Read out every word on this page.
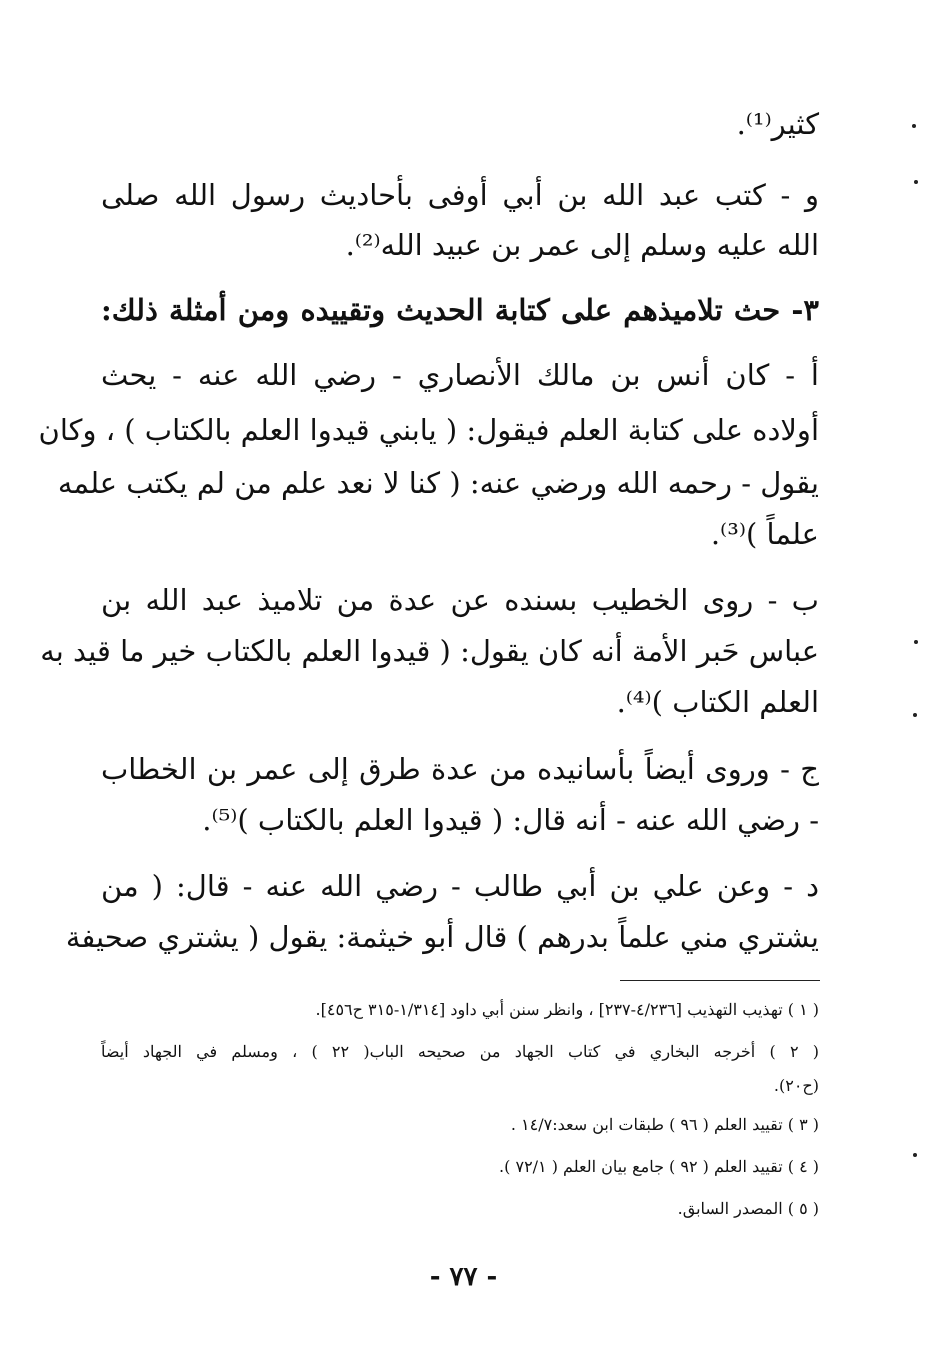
كثير⁽¹⁾.
و - كتب عبد الله بن أبي أوفى بأحاديث رسول الله صلى
الله عليه وسلم إلى عمر بن عبيد الله⁽²⁾.
٣- حث تلاميذهم على كتابة الحديث وتقييده ومن أمثلة ذلك:
أ - كان أنس بن مالك الأنصاري - رضي الله عنه - يحث
أولاده على كتابة العلم فيقول: ( يابني قيدوا العلم بالكتاب ) ، وكان
يقول - رحمه الله ورضي عنه: ( كنا لا نعد علم من لم يكتب علمه
علماً )⁽³⁾.
ب - روى الخطيب بسنده عن عدة من تلاميذ عبد الله بن
عباس حَبر الأمة أنه كان يقول: ( قيدوا العلم بالكتاب خير ما قيد به
العلم الكتاب )⁽⁴⁾.
ج - وروى أيضاً بأسانيده من عدة طرق إلى عمر بن الخطاب
- رضي الله عنه - أنه قال: ( قيدوا العلم بالكتاب )⁽⁵⁾.
د - وعن علي بن أبي طالب - رضي الله عنه - قال: ( من
يشتري مني علماً بدرهم ) قال أبو خيثمة: يقول ( يشتري صحيفة
( ١ ) تهذيب التهذيب [٤/٢٣٦-٢٣٧] ، وانظر سنن أبي داود [١/٣١٤-٣١٥ ح٤٥٦].
( ٢ ) أخرجه البخاري في كتاب الجهاد من صحيحه الباب( ٢٢ ) ، ومسلم في الجهاد أيضاً
(ح٢٠).
( ٣ ) تقييد العلم ( ٩٦ ) طبقات ابن سعد:١٤/٧ .
( ٤ ) تقييد العلم ( ٩٢ ) جامع بيان العلم ( ٧٢/١ ).
( ٥ ) المصدر السابق.
- ٧٧ -
